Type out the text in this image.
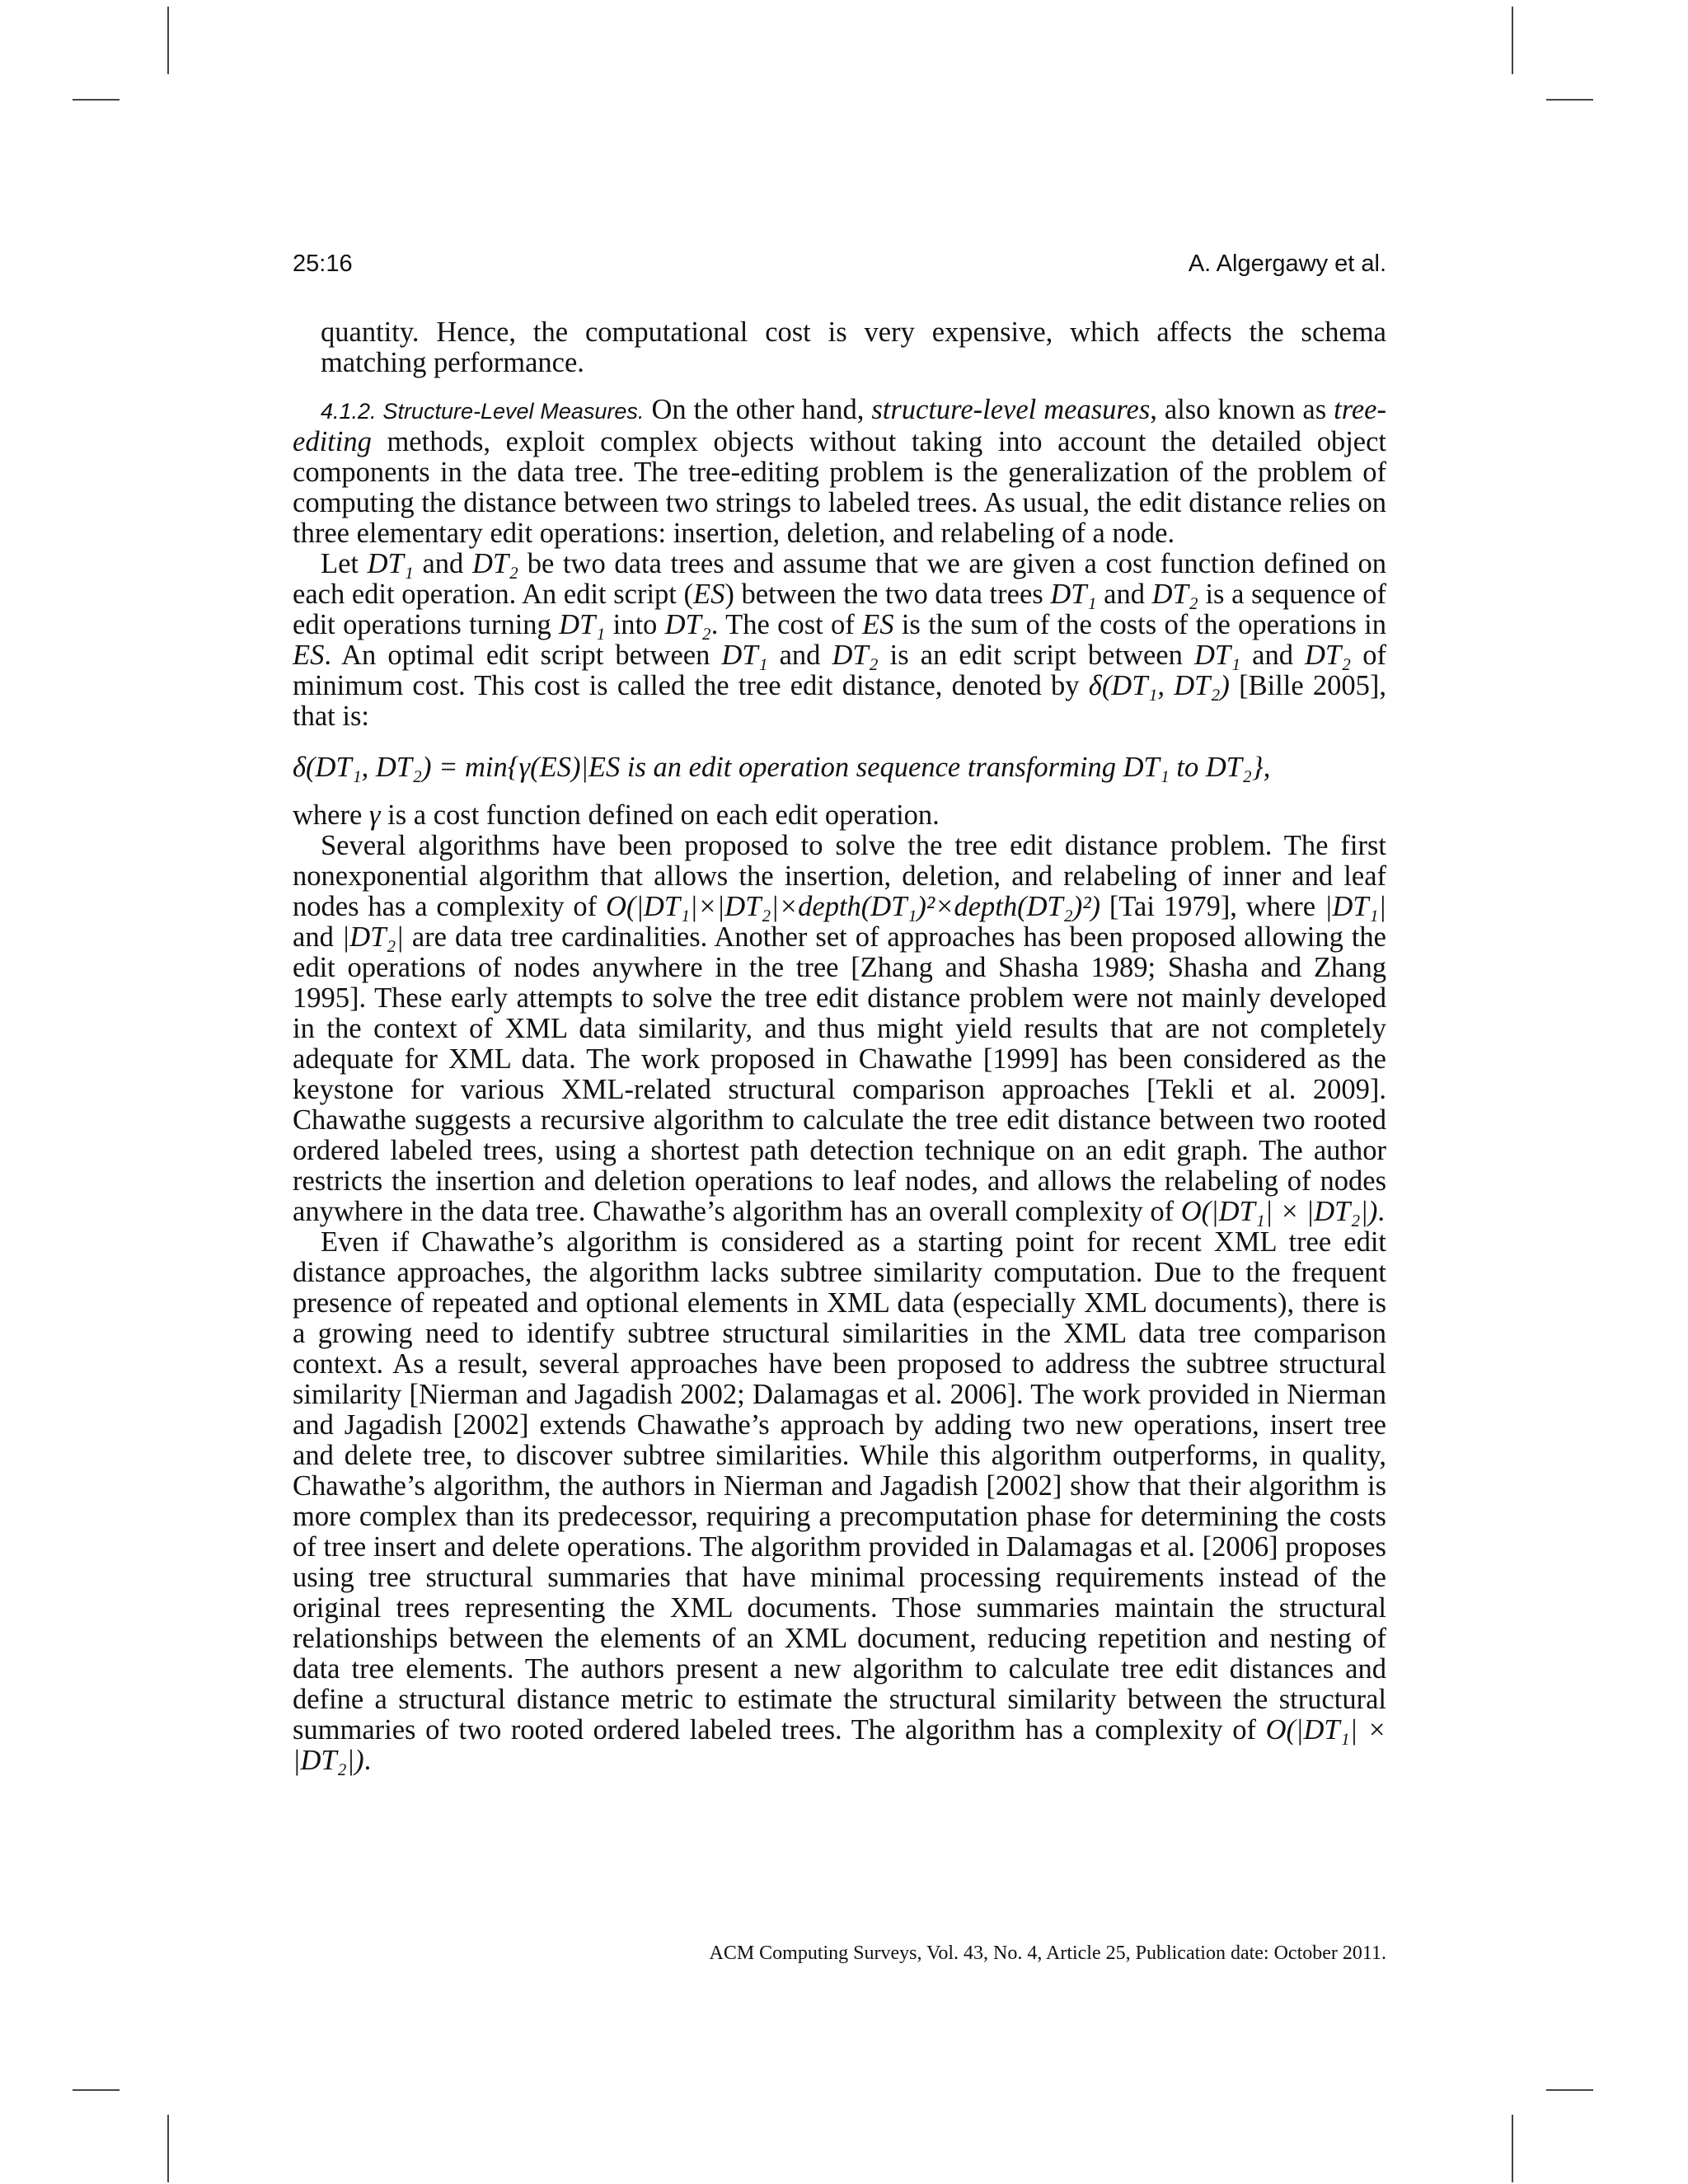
25:16	A. Algergawy et al.

quantity. Hence, the computational cost is very expensive, which affects the schema matching performance.

4.1.2. Structure-Level Measures. On the other hand, structure-level measures, also known as tree-editing methods, exploit complex objects without taking into account the detailed object components in the data tree. The tree-editing problem is the generalization of the problem of computing the distance between two strings to labeled trees. As usual, the edit distance relies on three elementary edit operations: insertion, deletion, and relabeling of a node.

Let DT₁ and DT₂ be two data trees and assume that we are given a cost function defined on each edit operation. An edit script (ES) between the two data trees DT₁ and DT₂ is a sequence of edit operations turning DT₁ into DT₂. The cost of ES is the sum of the costs of the operations in ES. An optimal edit script between DT₁ and DT₂ is an edit script between DT₁ and DT₂ of minimum cost. This cost is called the tree edit distance, denoted by δ(DT₁, DT₂) [Bille 2005], that is:

δ(DT₁, DT₂) = min{γ(ES)|ES is an edit operation sequence transforming DT₁ to DT₂},

where γ is a cost function defined on each edit operation.

Several algorithms have been proposed to solve the tree edit distance problem. The first nonexponential algorithm that allows the insertion, deletion, and relabeling of inner and leaf nodes has a complexity of O(|DT₁|×|DT₂|×depth(DT₁)²×depth(DT₂)²) [Tai 1979], where |DT₁| and |DT₂| are data tree cardinalities. Another set of approaches has been proposed allowing the edit operations of nodes anywhere in the tree [Zhang and Shasha 1989; Shasha and Zhang 1995]. These early attempts to solve the tree edit distance problem were not mainly developed in the context of XML data similarity, and thus might yield results that are not completely adequate for XML data. The work proposed in Chawathe [1999] has been considered as the keystone for various XML-related structural comparison approaches [Tekli et al. 2009]. Chawathe suggests a recursive algorithm to calculate the tree edit distance between two rooted ordered labeled trees, using a shortest path detection technique on an edit graph. The author restricts the insertion and deletion operations to leaf nodes, and allows the relabeling of nodes anywhere in the data tree. Chawathe’s algorithm has an overall complexity of O(|DT₁| × |DT₂|).

Even if Chawathe’s algorithm is considered as a starting point for recent XML tree edit distance approaches, the algorithm lacks subtree similarity computation. Due to the frequent presence of repeated and optional elements in XML data (especially XML documents), there is a growing need to identify subtree structural similarities in the XML data tree comparison context. As a result, several approaches have been proposed to address the subtree structural similarity [Nierman and Jagadish 2002; Dalamagas et al. 2006]. The work provided in Nierman and Jagadish [2002] extends Chawathe’s approach by adding two new operations, insert tree and delete tree, to discover subtree similarities. While this algorithm outperforms, in quality, Chawathe’s algorithm, the authors in Nierman and Jagadish [2002] show that their algorithm is more complex than its predecessor, requiring a precomputation phase for determining the costs of tree insert and delete operations. The algorithm provided in Dalamagas et al. [2006] proposes using tree structural summaries that have minimal processing requirements instead of the original trees representing the XML documents. Those summaries maintain the structural relationships between the elements of an XML document, reducing repetition and nesting of data tree elements. The authors present a new algorithm to calculate tree edit distances and define a structural distance metric to estimate the structural similarity between the structural summaries of two rooted ordered labeled trees. The algorithm has a complexity of O(|DT₁| × |DT₂|).

ACM Computing Surveys, Vol. 43, No. 4, Article 25, Publication date: October 2011.
